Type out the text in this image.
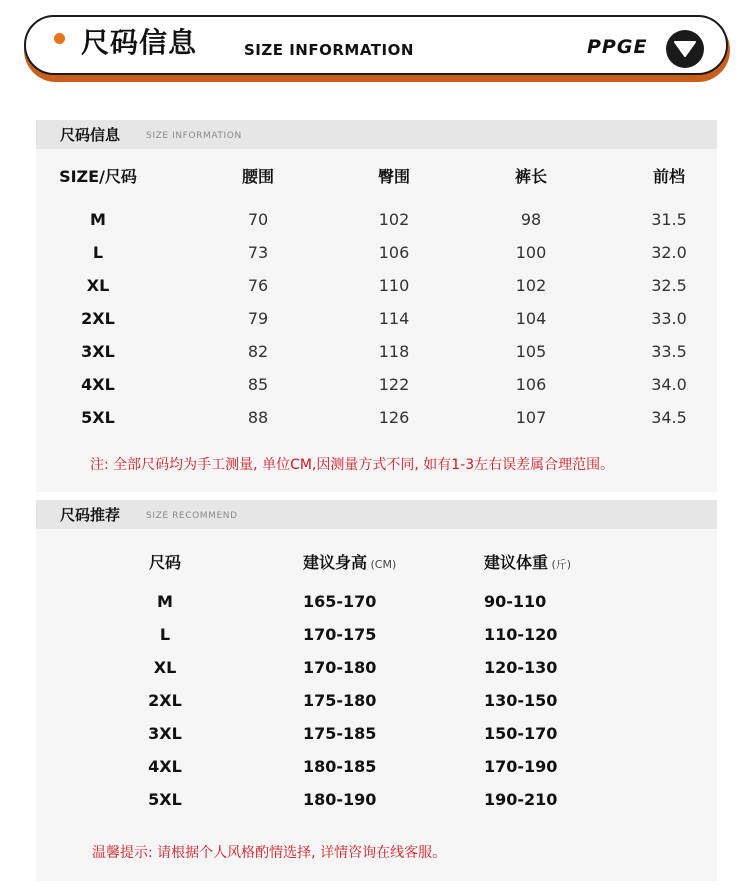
尺码信息	SIZE INFORMATION	PPGE
尺码信息	SIZE INFORMATION
SIZE/尺码	腰围	臀围	裤长	前档
M	70	102	98	31.5
L	73	106	100	32.0
XL	76	110	102	32.5
2XL	79	114	104	33.0
3XL	82	118	105	33.5
4XL	85	122	106	34.0
5XL	88	126	107	34.5
注: 全部尺码均为手工测量, 单位CM,因测量方式不同, 如有1-3左右误差属合理范围。
尺码推荐	SIZE RECOMMEND
尺码	建议身高 (CM)	建议体重 (斤)
M	165-170	90-110
L	170-175	110-120
XL	170-180	120-130
2XL	175-180	130-150
3XL	175-185	150-170
4XL	180-185	170-190
5XL	180-190	190-210
温馨提示: 请根据个人风格酌情选择, 详情咨询在线客服。
